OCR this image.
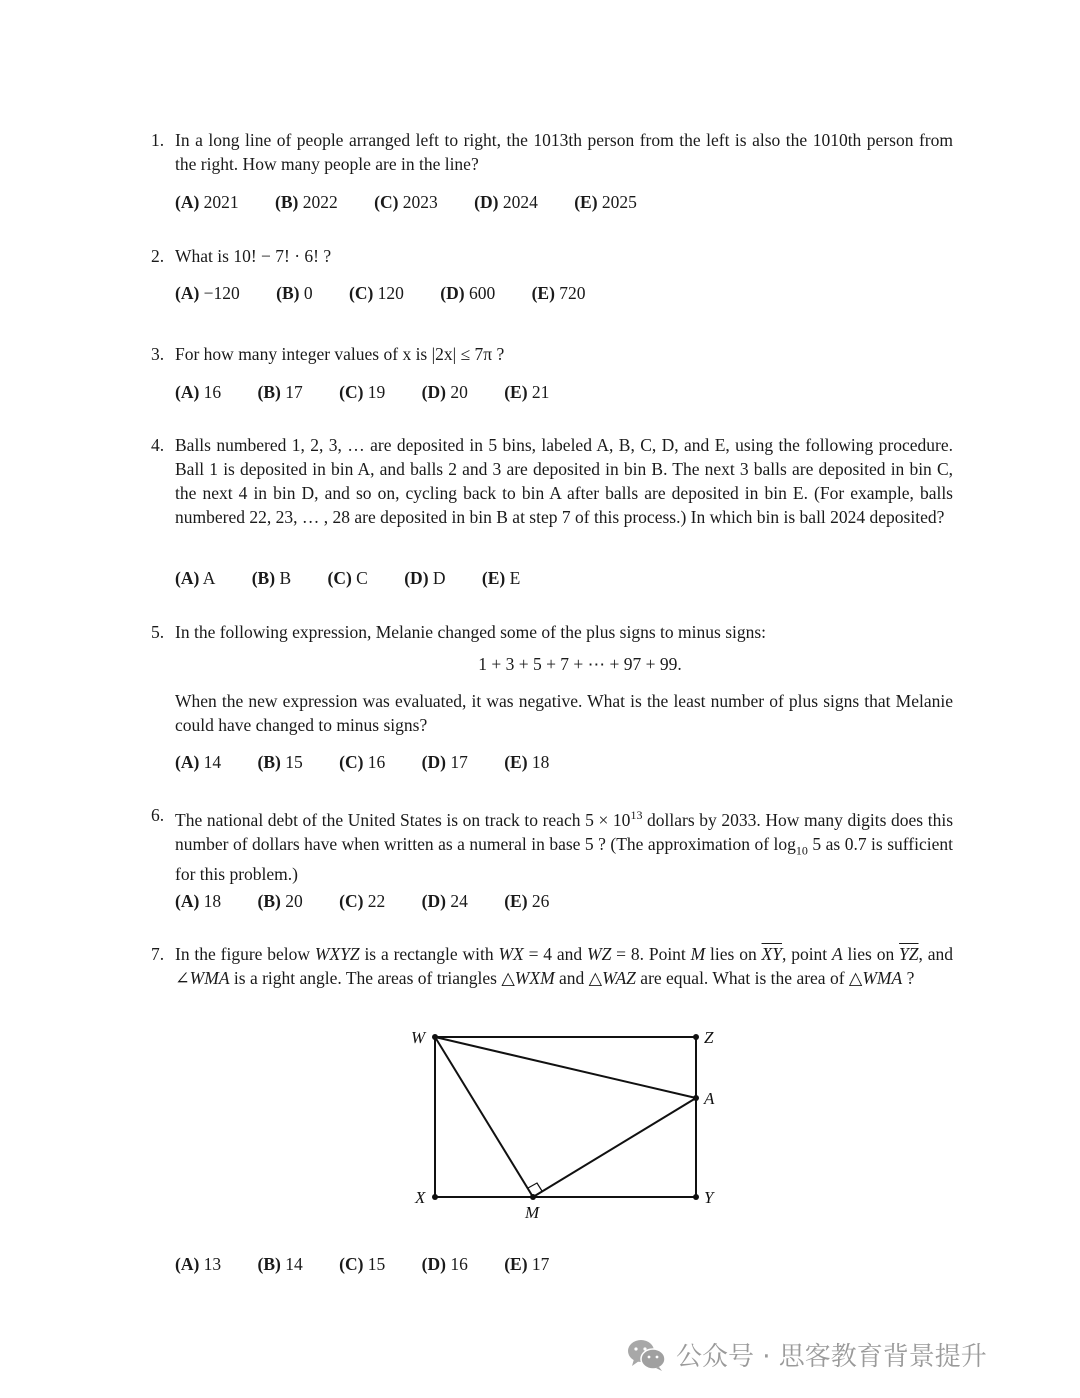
1. In a long line of people arranged left to right, the 1013th person from the left is also the 1010th person from the right. How many people are in the line?
(A) 2021 (B) 2022 (C) 2023 (D) 2024 (E) 2025
2. What is 10! − 7! · 6! ?
(A) −120 (B) 0 (C) 120 (D) 600 (E) 720
3. For how many integer values of x is |2x| ≤ 7π ?
(A) 16 (B) 17 (C) 19 (D) 20 (E) 21
4. Balls numbered 1, 2, 3, … are deposited in 5 bins, labeled A, B, C, D, and E, using the following procedure. Ball 1 is deposited in bin A, and balls 2 and 3 are deposited in bin B. The next 3 balls are deposited in bin C, the next 4 in bin D, and so on, cycling back to bin A after balls are deposited in bin E. (For example, balls numbered 22, 23, … , 28 are deposited in bin B at step 7 of this process.) In which bin is ball 2024 deposited?
(A) A (B) B (C) C (D) D (E) E
5. In the following expression, Melanie changed some of the plus signs to minus signs:
1 + 3 + 5 + 7 + ⋯ + 97 + 99.
When the new expression was evaluated, it was negative. What is the least number of plus signs that Melanie could have changed to minus signs?
(A) 14 (B) 15 (C) 16 (D) 17 (E) 18
6. The national debt of the United States is on track to reach $5 \times 10^{13}$ dollars by 2033. How many digits does this number of dollars have when written as a numeral in base 5 ? (The approximation of $\log_{10} 5$ as 0.7 is sufficient for this problem.)
(A) 18 (B) 20 (C) 22 (D) 24 (E) 26
7. In the figure below WXYZ is a rectangle with WX = 4 and WZ = 8. Point M lies on $\overline{XY}$, point A lies on $\overline{YZ}$, and ∠WMA is a right angle. The areas of triangles △WXM and △WAZ are equal. What is the area of △WMA ?
W	Z
A
X	Y
M
(A) 13 (B) 14 (C) 15 (D) 16 (E) 17
公众号 · 思客教育背景提升
